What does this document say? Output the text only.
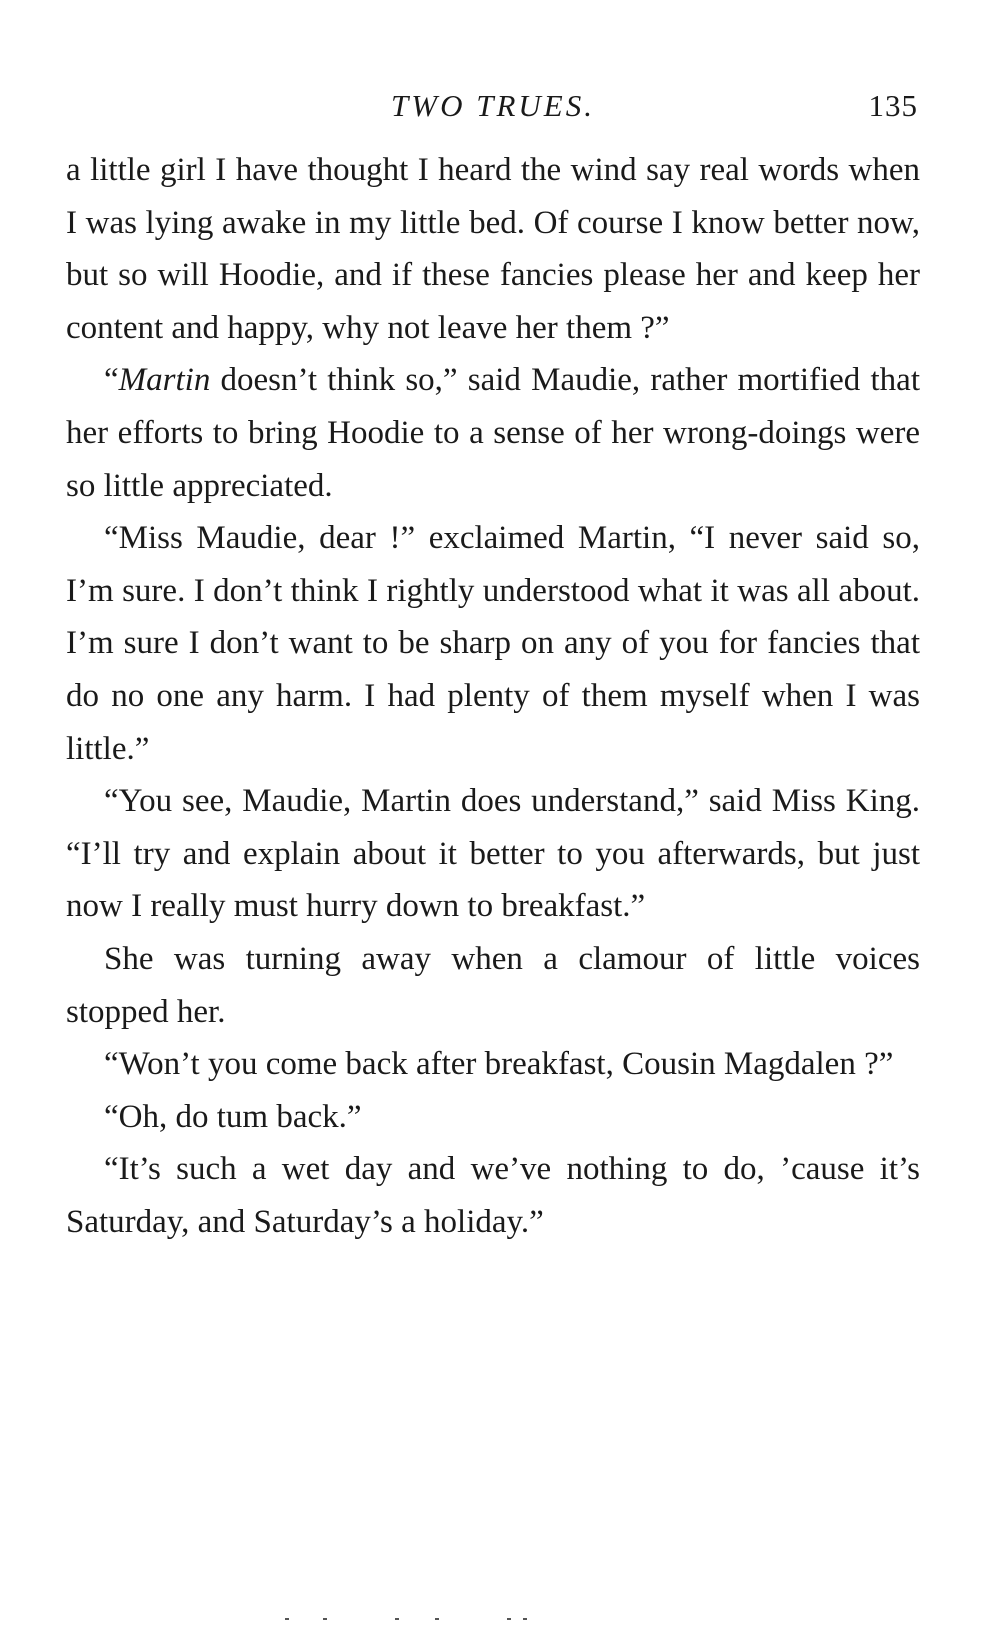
TWO TRUES.	135

a little girl I have thought I heard the wind say real words when I was lying awake in my little bed. Of course I know better now, but so will Hoodie, and if these fancies please her and keep her content and happy, why not leave her them ?”

“Martin doesn’t think so,” said Maudie, rather mortified that her efforts to bring Hoodie to a sense of her wrong-doings were so little appreciated.

“Miss Maudie, dear !” exclaimed Martin, “I never said so, I’m sure. I don’t think I rightly understood what it was all about. I’m sure I don’t want to be sharp on any of you for fancies that do no one any harm. I had plenty of them myself when I was little.”

“You see, Maudie, Martin does understand,” said Miss King. “I’ll try and explain about it better to you afterwards, but just now I really must hurry down to breakfast.”

She was turning away when a clamour of little voices stopped her.

“Won’t you come back after breakfast, Cousin Magdalen ?”

“Oh, do tum back.”

“It’s such a wet day and we’ve nothing to do, ’cause it’s Saturday, and Saturday’s a holiday.”
